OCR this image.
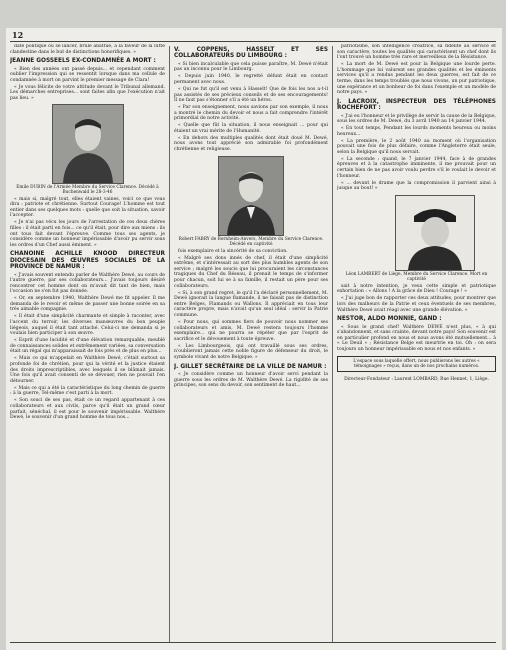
12

date politique ou se lancer, brûle abattue, à la faveur de la lutte clandestine dans le but de distinctions honorifiques. »

JEANNE GOSSEELS EX-CONDAMNÉE A MORT :

« Bien des années ont passé depuis... et cependant comment oublier l'impression qui se ressentit lorsque dans ma cellule de condamnée à mort on parvint le premier message de Clara!

« Je vous félicite de votre attitude devant le Tribunal allemand. Les démarches entreprises... sont faites afin que l'exécution n'ait pas lieu. »

Emile DUBIN de l'Armée Membre du Service Clarence. Décédé à Buchenwald le 28-3-46

« mais si, malgré tout, elles étaient vaines, voici ce que vous dira : patriote et chrétienne. Surtout Courage! L'homme est tout entier dans ses quelques mots : quelle que soit la situation, savoir l'accepter.

« Je n'ai pas vécu les jours de l'arrestation de ces deux chères filles : il était parti en fois... ce qu'il était, pour dire aux miens : ils ont tous fait devant l'épreuve. Comme tous ses agents, je considère comme un honneur impérissable d'avoir pu servir sous les ordres d'un Chef aussi éminent. »

CHANOINE ACHILLE KNOOD DIRECTEUR DIOCESAIN DES ŒUVRES SOCIALES DE LA PROVINCE DE NAMUR :

« J'avais souvent entendu parler de Walthère Dewé, au cours de l'autre guerre, par ses collaborateurs... J'avais toujours désiré rencontrer cet homme dont on m'avait dit tant de bien, mais l'occasion ne s'en fut pas donnée.

« Or, en septembre 1940, Walthère Dewé me fit appeler. Il me demanda de le revoir et même de passer une bonne soirée en sa très aimable compagnie.

« Il était d'une simplicité charmante et simple à raconter, avec l'accent du terroir, les diverses manœuvres du bon peuple liégeois, auquel il était tant attaché. Celui-ci me demanda si je voulais bien participer à son œuvre.

« Esprit d'une lucidité et d'une élévation remarquable, meublé de connaissances solides et extrêmement variées, sa conversation était un régal qui m'apparaissait de fois près et de plus en plus...

« Mais ce qui m'appelait en Walthère Dewé, c'était surtout sa profonde foi de chrétien, pour qui la vérité et la justice étaient des droits imprescriptibles, avec lesquels il se blâmait jamais. Une fois qu'il avait consenti de se dévouer, rien ne pouvait l'en détourner.

« Mais ce qui a été la caractéristique du long chemin de guerre : à la guerre, Tel-même c'est parti à la mort.

« Son souci de ses pas, était ce un regard appartenant à ces collaborateurs et aux civils, parce qu'il était un grand cœur parfait, sénéchal, il est pour le souvenir impérissable. Walthère Dewé, le souvenir d'un grand homme de tous nos...

V. COPPENS, HASSELT ET SES COLLABORATEURS DU LIMBOURG :

« Si bien incalculable que cela puisse paraître, M. Dewé n'était pas un inconnu pour le Limbourg.

« Depuis juin 1940, le regretté défunt était en contact permanent avec nous.

« Qui ne fut qu'il est venu à Hasselt! Que de fois les nos a-t-il pas assistés de ses précieux conseils et de ses encouragements! Il ne faut pas s'étonner s'il a été un héros.

« Par son enseignement, nous savions par son exemple, il nous a montré le chemin du devoir et nous a fait comprendre l'intérêt primordial de notre activité.

« Quelle que fût la situation, il nous enseignait ... pour qui étaient un vrai mérite de l'Humanité.

« En dehors des multiples qualités dont était doué M. Dewé, nous avons tout apprécié son admirable foi profondément chrétienne et religieuse.

Robert FABRY de Bernheim-Anvers, Membre du Service Clarence. Décédé en captivité

fois exemplaire et la sincérité de sa conviction.

« Malgré ses dons innés de chef, il était d'une simplicité extrême, et s'intéressait au sort des plus humbles agents de son service ; malgré les soucis que lui procuraient les circonstances tragiques du Chef du Réseau, il prenait le temps de s'informer pour chacun, soit lui se à sa famille, il restait un père pour ses collaborateurs.

« Si, à son grand regret, le qu'il l'a déclaré personnellement, M. Dewé ignorait la langue flamande, il ne faisait pas de distinction entre Belges, Flamands ou Wallons. Il appréciait en tous leur caractère propre, mais n'avait qu'un seul idéal : servir la Patrie commune.

« Pour nous, qui sommes fiers de pouvoir nous nommer ses collaborateurs et amis, M. Dewé restera toujours l'homme exemplaire... qui ne pourra se répéter que par l'esprit de sacrifice et le dévouement à toute épreuve.

« Les Limbourgeois, qui ont travaillé sous ses ordres, n'oublieront jamais cette noble figure de défenseur du droit, le symbole vivant de notre Belgique. »

J. GILLET SECRÉTAIRE DE LA VILLE DE NAMUR :

« Je considère comme un honneur d'avoir servi pendant la guerre sous les ordres de M. Walthère Dewé. La rigidité de ses principes, son sens du devoir, son sentiment de haut...

patriotisme, son intelligence créatrice, sa fidélité au service et son caractère, toutes les qualités qui caractérisent un chef dont ils l'ont trouvé un homme très rare et merveilleux de la Résistance.

« La mort de M. Dewé est pour la Belgique une lourde perte. L'hommage que lui valurent ses grandes qualités et les éminents services qu'il a rendus pendant les deux guerres, est fait de ce terme, dans les temps troublés que nous vivons, un pur patriotique, une espérance et un bonheur de foi dans l'exemple et un modèle de notre pays. »

J. LACROIX, INSPECTEUR DES TÉLÉPHONES ROCHEFORT :

« J'ai eu l'honneur et le privilège de servir la cause de la Belgique, sous les ordres de M. Dewé, du 3 avril 1940 au 14 janvier 1944.

« En tout temps, Pendant les lourds moments heureux ou moins heureux...

« La première, le 2 août 1940 au moment où l'organisation pouvait une fois de plus défaire, comme l'Angleterre était seule, selon la Belgique qu'il nous servait.

« La seconde : quand, le 7 janvier 1944, face à de grandes épreuves et à la catastrophe imminente, il me prouvait pour un certain bien de ne pas avoir voulu perdre s'il le voulait le devoir et l'honneur.

« ... devant le drame que la compromission il parvient ainsi à jusque au bout! »

Léon LAMBERT de Liège, Membre du Service Clarence. Mort en captivité

sait à notre intention, je veux cette simple et patriotique exhortation : « Allons ! A la grâce de Dieu ! Courage ! »

« J'ai juge bon de rapporter ces deux attitudes, pour montrer que lors des malheurs de la Patrie et ceux éventuels de ses membres, Walthère Dewé avait réagi avec une grande élévation. »

NESTOR, ALDO MONNIE, GAND :

« Sous le grand chef! Walthère DEWÉ n'est plus, « à qui s'abandonnent, et sans crainte, devant notre pays! Son souvenir est en particulier profond en nous et nous avons été mutuellement... à « Le Deuil » ; Résistance Belge est meurtrie en toi. Oh : on sera toujours un honneur impérissable en nous et nos enfants. »

L'espace sous laquelle offert, nous publierons les autres « témoignages » reçus, dans un de nos prochains numéros.
Directeur-Fondateur : Laurent LOMBARD, Rue Hennet, 1, Liège.
